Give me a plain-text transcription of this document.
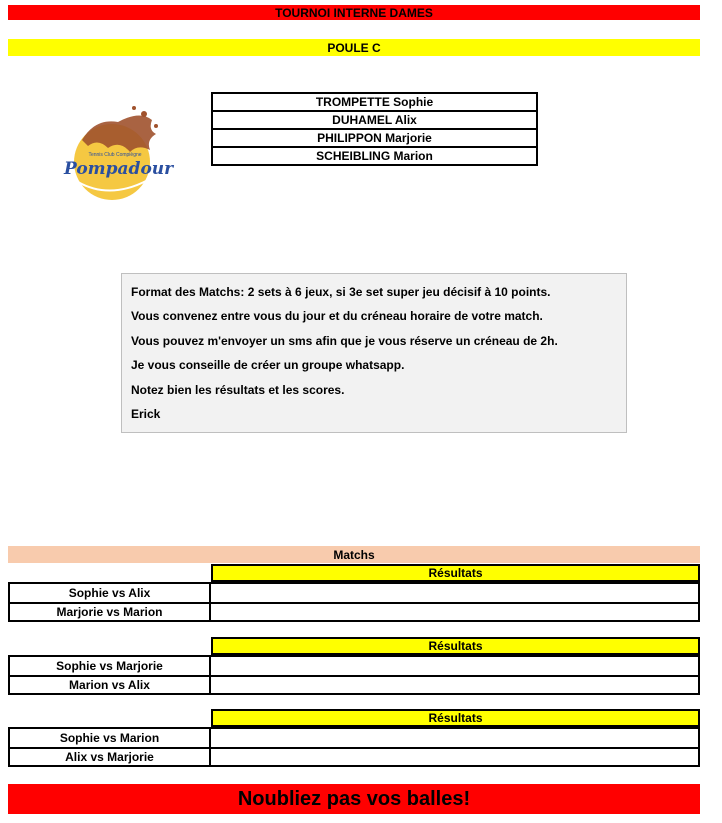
TOURNOI INTERNE DAMES
POULE C
Tennis Club Compiègne
Pompadour
TROMPETTE Sophie
DUHAMEL Alix
PHILIPPON Marjorie
SCHEIBLING Marion
Format des Matchs: 2 sets à 6 jeux, si 3e set super jeu décisif à 10 points.
Vous convenez entre vous du jour et du créneau horaire de votre match.
Vous pouvez m'envoyer un sms afin que je vous réserve un créneau de 2h.
Je vous conseille de créer un groupe whatsapp.
Notez bien les résultats et les scores.
Erick
Matchs
Résultats
Sophie vs Alix
Marjorie vs Marion
Résultats
Sophie vs Marjorie
Marion vs Alix
Résultats
Sophie vs Marion
Alix vs Marjorie
Noubliez pas vos balles!
